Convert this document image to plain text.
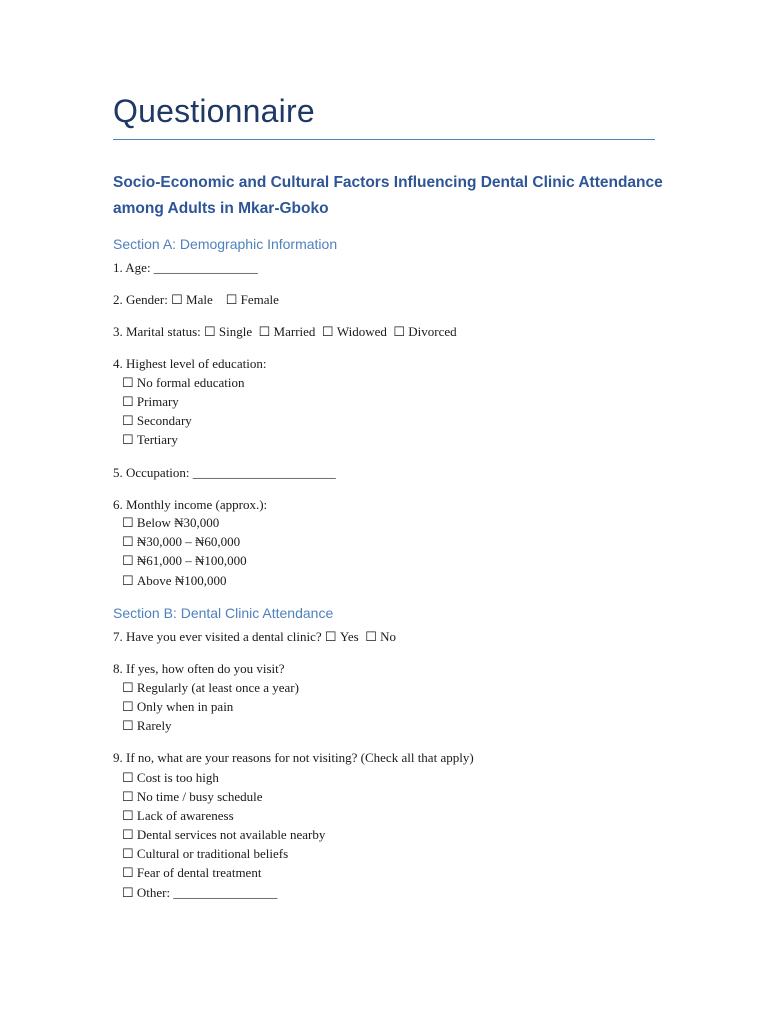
Questionnaire
Socio-Economic and Cultural Factors Influencing Dental Clinic Attendance
among Adults in Mkar-Gboko
Section A: Demographic Information
1. Age: ________________
2. Gender: ☐ Male ☐ Female
3. Marital status: ☐ Single ☐ Married ☐ Widowed ☐ Divorced
4. Highest level of education:
☐ No formal education
☐ Primary
☐ Secondary
☐ Tertiary
5. Occupation: ______________________
6. Monthly income (approx.):
☐ Below ₦30,000
☐ ₦30,000 – ₦60,000
☐ ₦61,000 – ₦100,000
☐ Above ₦100,000
Section B: Dental Clinic Attendance
7. Have you ever visited a dental clinic? ☐ Yes ☐ No
8. If yes, how often do you visit?
☐ Regularly (at least once a year)
☐ Only when in pain
☐ Rarely
9. If no, what are your reasons for not visiting? (Check all that apply)
☐ Cost is too high
☐ No time / busy schedule
☐ Lack of awareness
☐ Dental services not available nearby
☐ Cultural or traditional beliefs
☐ Fear of dental treatment
☐ Other: ________________
